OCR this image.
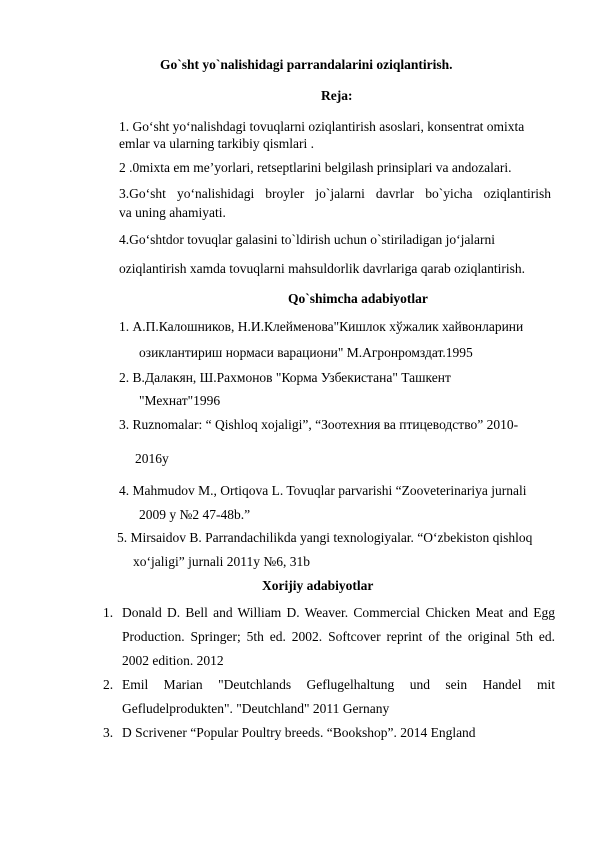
Go`sht yo`nalishidagi parrandalarini oziqlantirish.
Reja:
1. Go‘sht yo‘nalishdagi tovuqlarni oziqlantirish asoslari, konsentrat omixta
emlar va ularning tarkibiy qismlari .
2 .0mixta em me’yorlari, retseptlarini belgilash prinsiplari va andozalari.
3.Go‘sht yo‘nalishidagi broyler jo`jalarni davrlar bo`yicha oziqlantirish
va uning ahamiyati.
4.Go‘shtdor tovuqlar galasini to`ldirish uchun o`stiriladigan jo‘jalarni
oziqlantirish xamda tovuqlarni mahsuldorlik davrlariga qarab oziqlantirish.
Qo`shimcha adabiyotlar
1. А.П.Калошников, Н.И.Клейменова"Кишлок хўжалик хайвонларини
озиклантириш нормаси варациони" М.Агронромздат.1995
2. В.Далакян, Ш.Рахмонов "Корма Узбекистана" Ташкент
"Мехнат"1996
3. Ruznomalar: “ Qishloq xojaligi”, “Зоотехния ва птицеводство” 2010-
2016y
4. Mahmudov M., Ortiqova L. Tovuqlar parvarishi “Zooveterinariya jurnali
2009 y №2 47-48b.”
5. Mirsaidov B. Parrandachilikda yangi texnologiyalar. “O‘zbekiston qishloq
xo‘jaligi” jurnali 2011y №6, 31b
Xorijiy adabiyotlar
1. Donald D. Bell and William D. Weaver. Commercial Chicken Meat and Egg
Production. Springer; 5th ed. 2002. Softcover reprint of the original 5th ed.
2002 edition. 2012
2. Emil Marian "Deutchlands Geflugelhaltung und sein Handel mit
Gefludelprodukten". "Deutchland" 2011 Gernany
3. D Scrivener “Popular Poultry breeds. “Bookshop”. 2014 England
